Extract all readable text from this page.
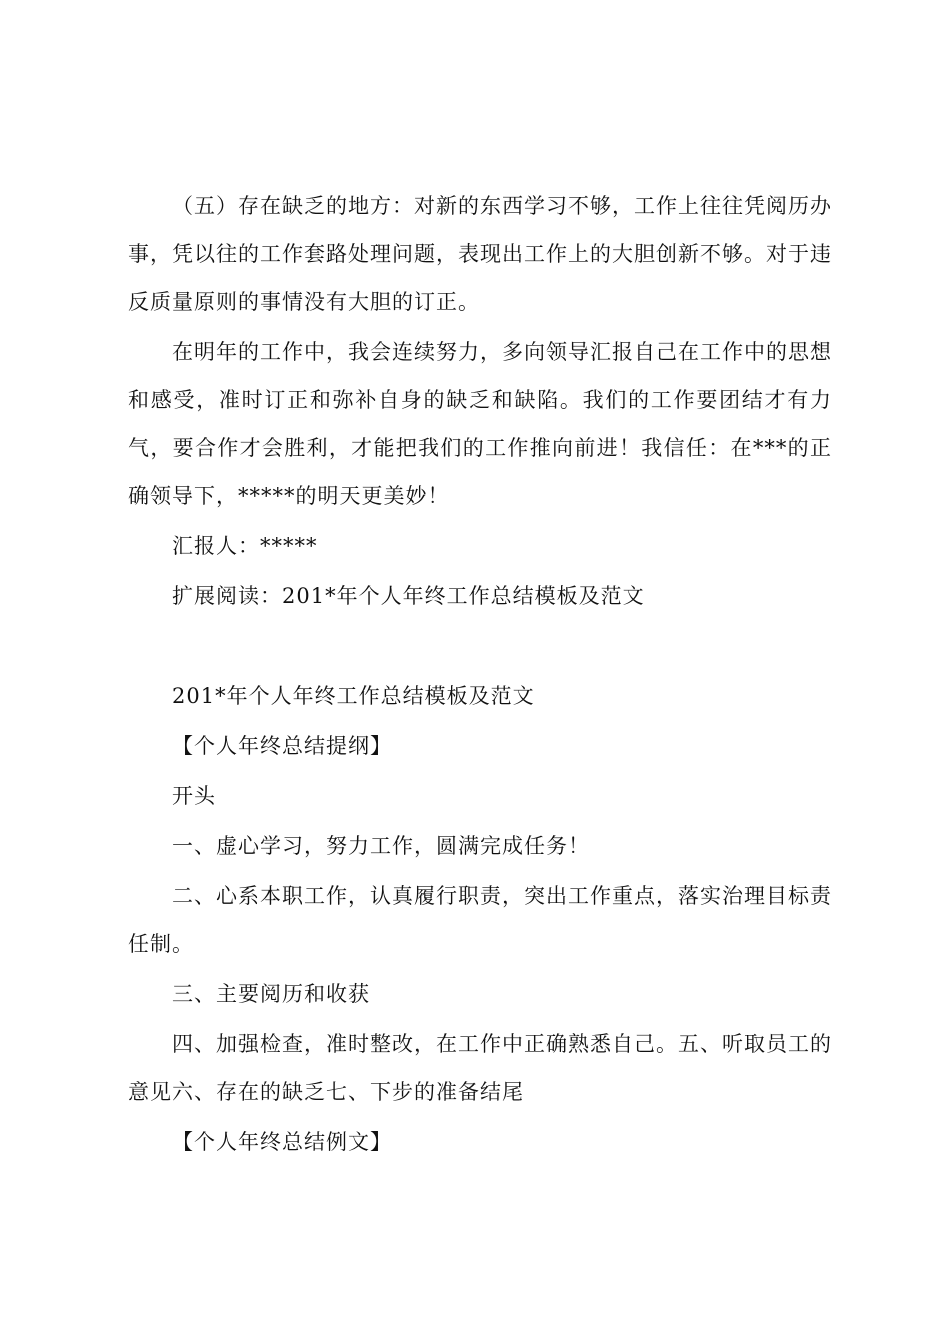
（五）存在缺乏的地方：对新的东西学习不够，工作上往往凭阅历办事，凭以往的工作套路处理问题，表现出工作上的大胆创新不够。对于违反质量原则的事情没有大胆的订正。

在明年的工作中，我会连续努力，多向领导汇报自己在工作中的思想和感受，准时订正和弥补自身的缺乏和缺陷。我们的工作要团结才有力气，要合作才会胜利，才能把我们的工作推向前进！我信任：在***的正确领导下，*****的明天更美妙！

汇报人：*****

扩展阅读：201*年个人年终工作总结模板及范文

201*年个人年终工作总结模板及范文

【个人年终总结提纲】

开头

一、虚心学习，努力工作，圆满完成任务！

二、心系本职工作，认真履行职责，突出工作重点，落实治理目标责任制。

三、主要阅历和收获

四、加强检查，准时整改，在工作中正确熟悉自己。五、听取员工的意见六、存在的缺乏七、下步的准备结尾

【个人年终总结例文】
